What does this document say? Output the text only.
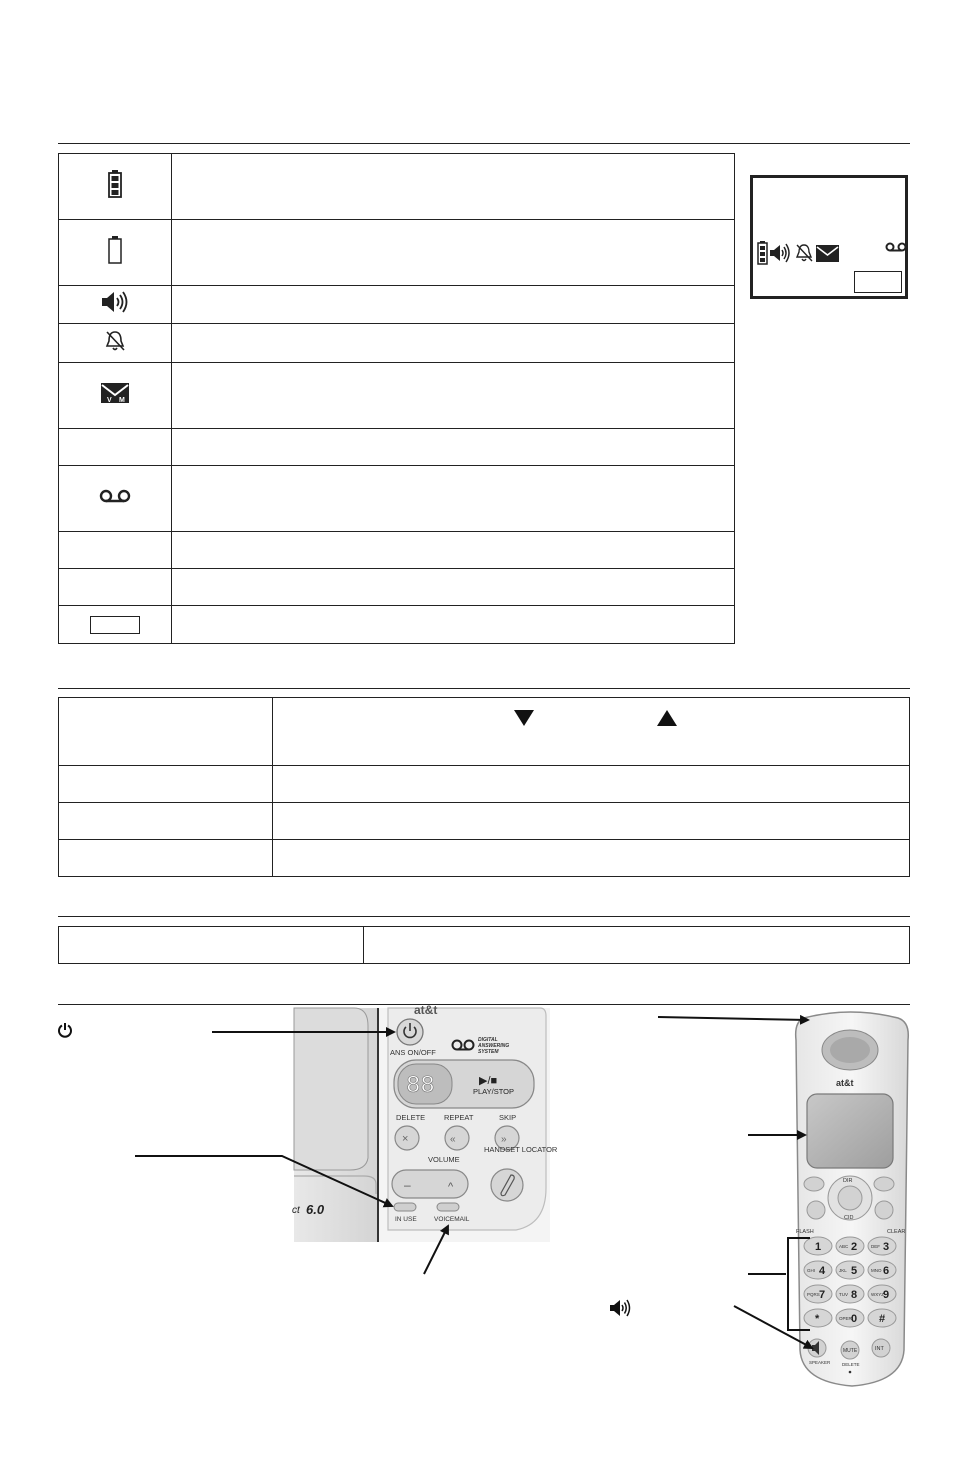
V M	

at&t
ANS ON/OFF
DIGITAL
ANSWERING
SYSTEM
88	▶/■
PLAY/STOP
DELETE	REPEAT	SKIP
×	«	»
VOLUME
HANDSET LOCATOR
–	^
IN USE	VOICEMAIL
ct 6.0
at&t
DIR
CID
FLASH	CLEAR
1	ABC 2	DEF 3
GHI 4	JKL 5	MNO 6
PQRS 7	TUV 8	WXYZ 9
*	OPER 0 #
SPEAKER
MUTE
DELETE
INT
